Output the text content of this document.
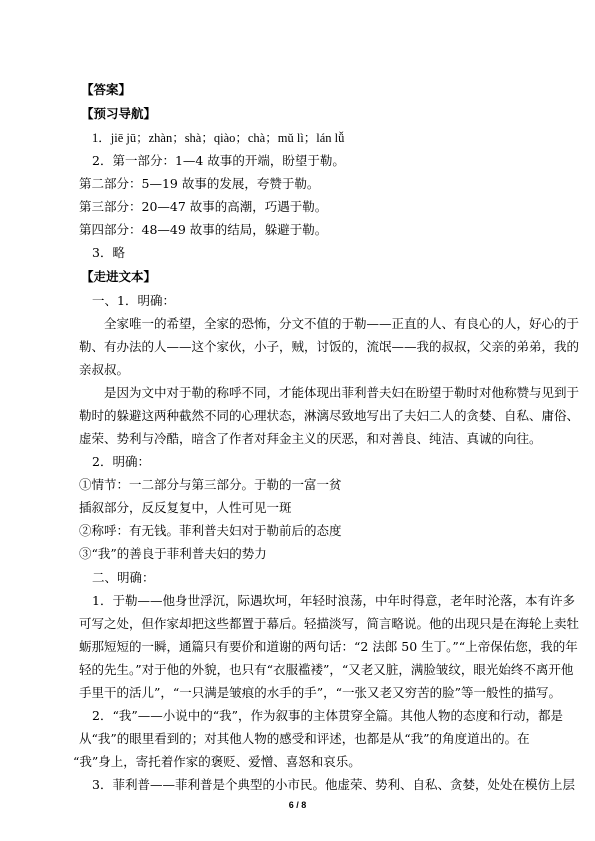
【答案】
【预习导航】
1．jiē jū；zhàn；shà；qiào；chà；mǔ lì；lán lǚ
2．第一部分：1—4 故事的开端，盼望于勒。
第二部分：5—19 故事的发展，夸赞于勒。
第三部分：20—47 故事的高潮，巧遇于勒。
第四部分：48—49 故事的结局，躲避于勒。
3．略
【走进文本】
一、1．明确：
全家唯一的希望，全家的恐怖，分文不值的于勒——正直的人、有良心的人，好心的于
勒、有办法的人——这个家伙，小子，贼，讨饭的，流氓——我的叔叔，父亲的弟弟，我的
亲叔叔。
是因为文中对于勒的称呼不同，才能体现出菲利普夫妇在盼望于勒时对他称赞与见到于
勒时的躲避这两种截然不同的心理状态，淋漓尽致地写出了夫妇二人的贪婪、自私、庸俗、
虚荣、势利与冷酷，暗含了作者对拜金主义的厌恶，和对善良、纯洁、真诚的向往。
2．明确：
①情节：一二部分与第三部分。于勒的一富一贫
插叙部分，反反复复中，人性可见一斑
②称呼：有无钱。菲利普夫妇对于勒前后的态度
③“我”的善良于菲利普夫妇的势力
二、明确：
1．于勒——他身世浮沉，际遇坎坷，年轻时浪荡，中年时得意，老年时沦落，本有许多
可写之处，但作家却把这些都置于幕后。轻描淡写，简言略说。他的出现只是在海轮上卖牡
蛎那短短的一瞬，通篇只有要价和道谢的两句话：“2 法郎 50 生丁。”“上帝保佑您，我的年
轻的先生。”对于他的外貌，也只有“衣服褴褛”，“又老又脏，满脸皱纹，眼光始终不离开他
手里干的活儿”，“一只满是皱痕的水手的手”，“一张又老又穷苦的脸”等一般性的描写。
2．“我”——小说中的“我”，作为叙事的主体贯穿全篇。其他人物的态度和行动，都是
从“我”的眼里看到的；对其他人物的感受和评述，也都是从“我”的角度道出的。在
“我”身上，寄托着作家的褒贬、爱憎、喜怒和哀乐。
3．菲利普——菲利普是个典型的小市民。他虚荣、势利、自私、贪婪，处处在模仿上层
6 / 8
